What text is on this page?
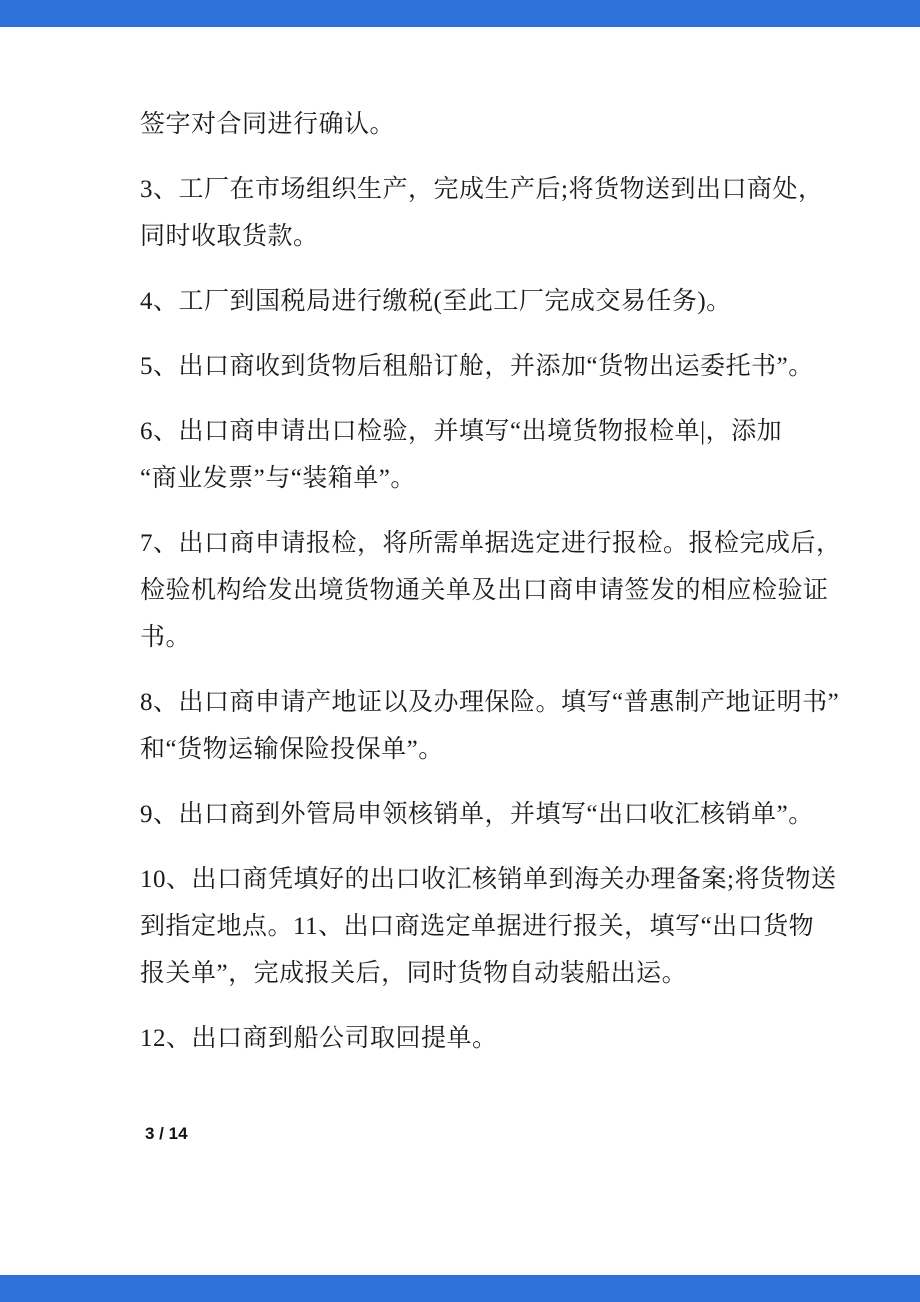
签字对合同进行确认。

3、工厂在市场组织生产，完成生产后;将货物送到出口商处，
同时收取货款。

4、工厂到国税局进行缴税(至此工厂完成交易任务)。

5、出口商收到货物后租船订舱，并添加“货物出运委托书”。

6、出口商申请出口检验，并填写“出境货物报检单|，添加
“商业发票”与“装箱单”。

7、出口商申请报检，将所需单据选定进行报检。报检完成后，
检验机构给发出境货物通关单及出口商申请签发的相应检验证
书。

8、出口商申请产地证以及办理保险。填写“普惠制产地证明书”
和“货物运输保险投保单”。

9、出口商到外管局申领核销单，并填写“出口收汇核销单”。

10、出口商凭填好的出口收汇核销单到海关办理备案;将货物送
到指定地点。11、出口商选定单据进行报关，填写“出口货物
报关单”，完成报关后，同时货物自动装船出运。

12、出口商到船公司取回提单。

3 / 14
